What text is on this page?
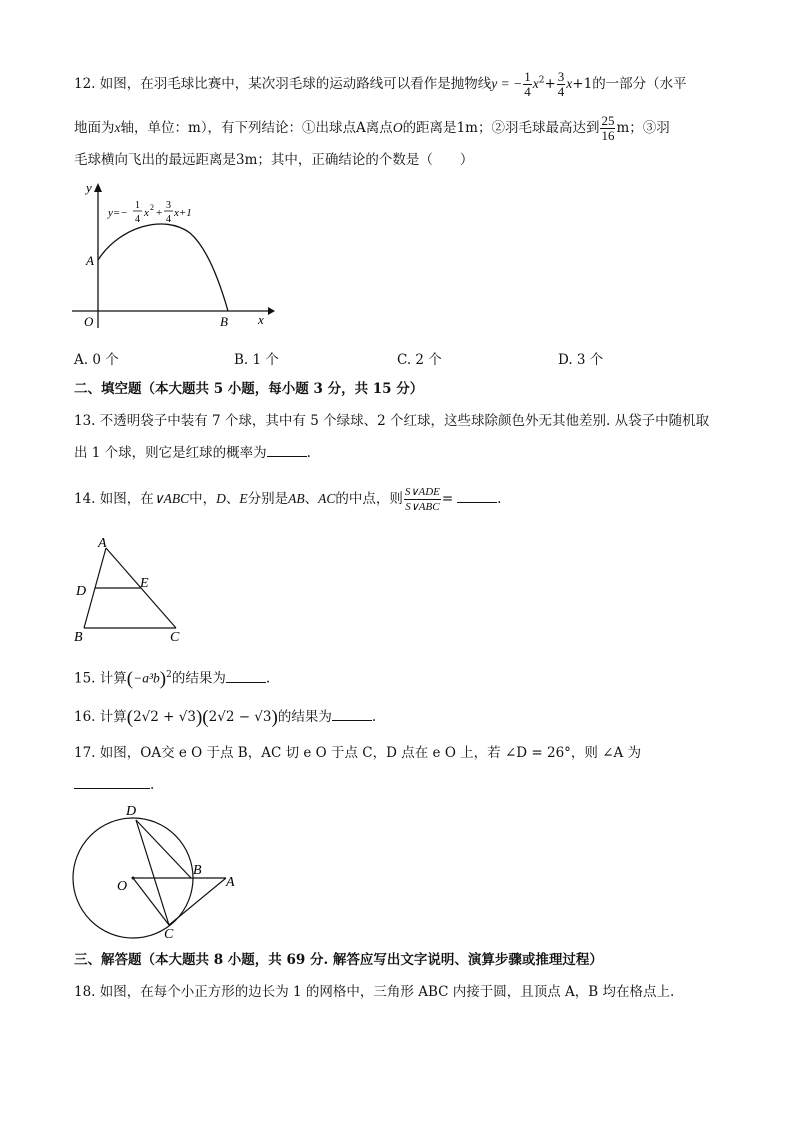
12. 如图，在羽毛球比赛中，某次羽毛球的运动路线可以看作是抛物线y = − $\frac{1}{4} x^2+ \frac{3}{4} x+1$的一部分（水平
地面为x轴，单位：m），有下列结论：①出球点A离点O的距离是1m；②羽毛球最高达到 $\frac{25}{16}$ m；③羽
毛球横向飞出的最远距离是3m；其中，正确结论的个数是（　　）
y
x
O
A
B
y=−
1
4
x 2 +
3
4
x+1
A. 0 个	B. 1 个	C. 2 个	D. 3 个
二、填空题（本大题共 5 小题，每小题 3 分，共 15 分）
13. 不透明袋子中装有 7 个球，其中有 5 个绿球、2 个红球，这些球除颜色外无其他差别. 从袋子中随机取
出 1 个球，则它是红球的概率为	.
14. 如图，在∨ABC中，D、E分别是AB、AC的中点，则 $\frac{\text{S∨ADE}}{\text{S∨ABC}}$ =	.
A
D
E
B	C
15. 计算$(-a^3b)^2$的结果为	.
16. 计算(2√2 + √3)(2√2 − √3)的结果为	.
17. 如图，OA交 e O 于点 B，AC 切 e O 于点 C，D 点在 e O 上，若 ∠D = 26°，则 ∠A 为
.
D
B
A
O
C
三、解答题（本大题共 8 小题，共 69 分. 解答应写出文字说明、演算步骤或推理过程）
18. 如图，在每个小正方形的边长为 1 的网格中，三角形 ABC 内接于圆，且顶点 A，B 均在格点上.
